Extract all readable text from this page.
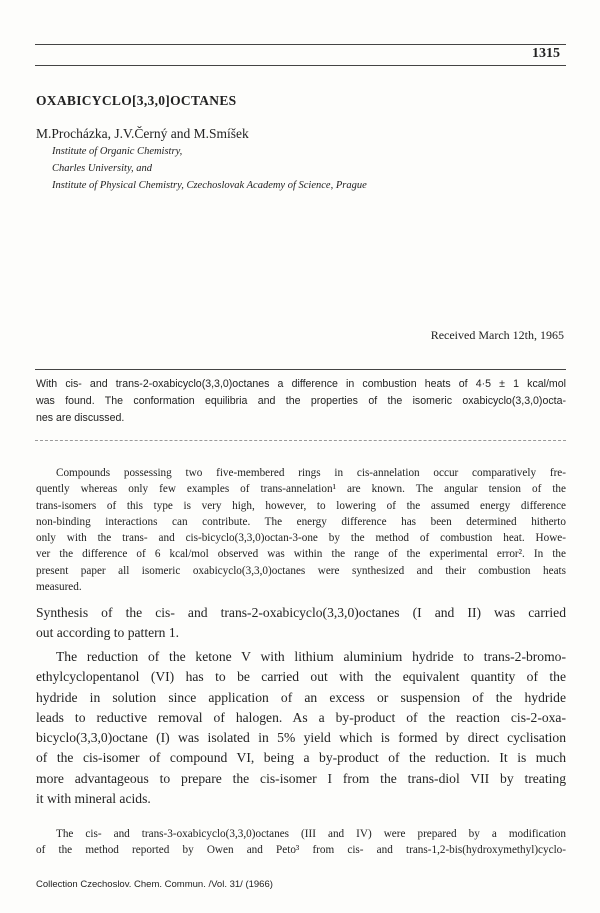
1315
OXABICYCLO[3,3,0]OCTANES
M.Procházka, J.V.Černý and M.Smíšek
Institute of Organic Chemistry,
Charles University, and
Institute of Physical Chemistry, Czechoslovak Academy of Science, Prague
Received March 12th, 1965
With cis- and trans-2-oxabicyclo(3,3,0)octanes a difference in combustion heats of 4·5 ± 1 kcal/mol
was found. The conformation equilibria and the properties of the isomeric oxabicyclo(3,3,0)octa-
nes are discussed.
Compounds possessing two five-membered rings in cis-annelation occur comparatively fre-
quently whereas only few examples of trans-annelation¹ are known. The angular tension of the
trans-isomers of this type is very high, however, to lowering of the assumed energy difference
non-binding interactions can contribute. The energy difference has been determined hitherto
only with the trans- and cis-bicyclo(3,3,0)octan-3-one by the method of combustion heat. Howe-
ver the difference of 6 kcal/mol observed was within the range of the experimental error². In the
present paper all isomeric oxabicyclo(3,3,0)octanes were synthesized and their combustion heats
measured.
Synthesis of the cis- and trans-2-oxabicyclo(3,3,0)octanes (I and II) was carried
out according to pattern 1.
The reduction of the ketone V with lithium aluminium hydride to trans-2-bromo-
ethylcyclopentanol (VI) has to be carried out with the equivalent quantity of the
hydride in solution since application of an excess or suspension of the hydride
leads to reductive removal of halogen. As a by-product of the reaction cis-2-oxa-
bicyclo(3,3,0)octane (I) was isolated in 5% yield which is formed by direct cyclisation
of the cis-isomer of compound VI, being a by-product of the reduction. It is much
more advantageous to prepare the cis-isomer I from the trans-diol VII by treating
it with mineral acids.
The cis- and trans-3-oxabicyclo(3,3,0)octanes (III and IV) were prepared by a modification
of the method reported by Owen and Peto³ from cis- and trans-1,2-bis(hydroxymethyl)cyclo-
Collection Czechoslov. Chem. Commun. /Vol. 31/ (1966)
